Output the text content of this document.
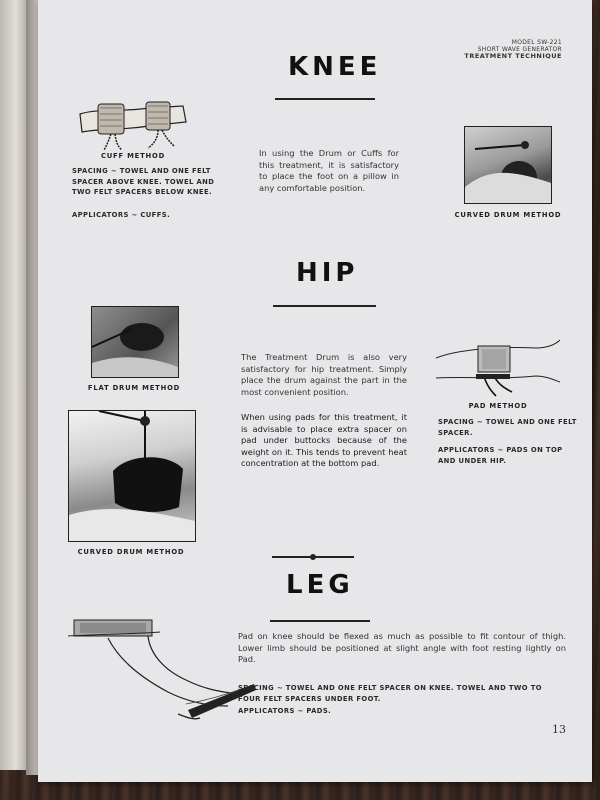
MODEL SW-221
SHORT WAVE GENERATOR
TREATMENT TECHNIQUE
KNEE
CUFF METHOD
SPACING ~ TOWEL AND ONE FELT SPACER ABOVE KNEE. TOWEL AND TWO FELT SPACERS BELOW KNEE.
APPLICATORS ~ CUFFS.
In using the Drum or Cuffs for this treatment, it is satisfactory to place the foot on a pillow in any comfortable position.
CURVED DRUM METHOD
HIP
FLAT DRUM METHOD
CURVED DRUM METHOD
The Treatment Drum is also very satisfactory for hip treatment. Simply place the drum against the part in the most convenient position.
When using pads for this treatment, it is advisable to place extra spacer on pad under buttocks because of the weight on it. This tends to prevent heat concentration at the bottom pad.
PAD METHOD
SPACING ~ TOWEL AND ONE FELT SPACER.
APPLICATORS ~ PADS ON TOP AND UNDER HIP.
LEG
Pad on knee should be flexed as much as possible to fit contour of thigh. Lower limb should be positioned at slight angle with foot resting lightly on Pad.
SPACING ~ TOWEL AND ONE FELT SPACER ON KNEE. TOWEL AND TWO TO FOUR FELT SPACERS UNDER FOOT.
APPLICATORS ~ PADS.
13
